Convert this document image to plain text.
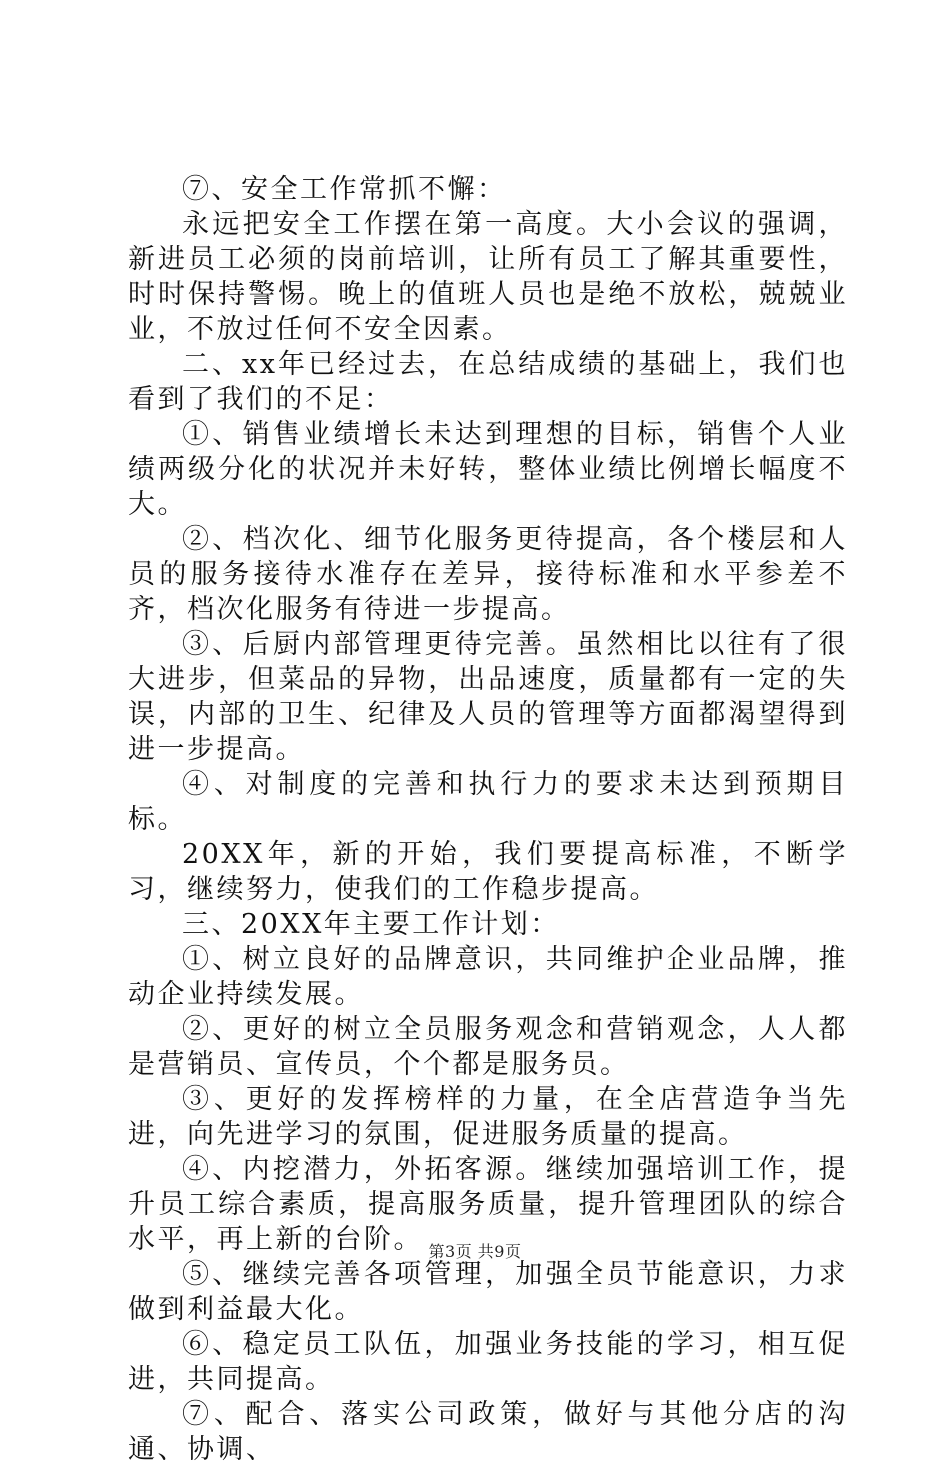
⑦、安全工作常抓不懈：

永远把安全工作摆在第一高度。大小会议的强调，新进员工必须的岗前培训，让所有员工了解其重要性，时时保持警惕。晚上的值班人员也是绝不放松，兢兢业业，不放过任何不安全因素。

二、xx年已经过去，在总结成绩的基础上，我们也看到了我们的不足：

①、销售业绩增长未达到理想的目标，销售个人业绩两级分化的状况并未好转，整体业绩比例增长幅度不大。

②、档次化、细节化服务更待提高，各个楼层和人员的服务接待水准存在差异，接待标准和水平参差不齐，档次化服务有待进一步提高。

③、后厨内部管理更待完善。虽然相比以往有了很大进步，但菜品的异物，出品速度，质量都有一定的失误，内部的卫生、纪律及人员的管理等方面都渴望得到进一步提高。

④、对制度的完善和执行力的要求未达到预期目标。

20XX年，新的开始，我们要提高标准，不断学习，继续努力，使我们的工作稳步提高。

三、20XX年主要工作计划：

①、树立良好的品牌意识，共同维护企业品牌，推动企业持续发展。

②、更好的树立全员服务观念和营销观念，人人都是营销员、宣传员，个个都是服务员。

③、更好的发挥榜样的力量，在全店营造争当先进，向先进学习的氛围，促进服务质量的提高。

④、内挖潜力，外拓客源。继续加强培训工作，提升员工综合素质，提高服务质量，提升管理团队的综合水平，再上新的台阶。

⑤、继续完善各项管理，加强全员节能意识，力求做到利益最大化。

⑥、稳定员工队伍，加强业务技能的学习，相互促进，共同提高。

⑦、配合、落实公司政策，做好与其他分店的沟通、协调、

第3页 共9页
